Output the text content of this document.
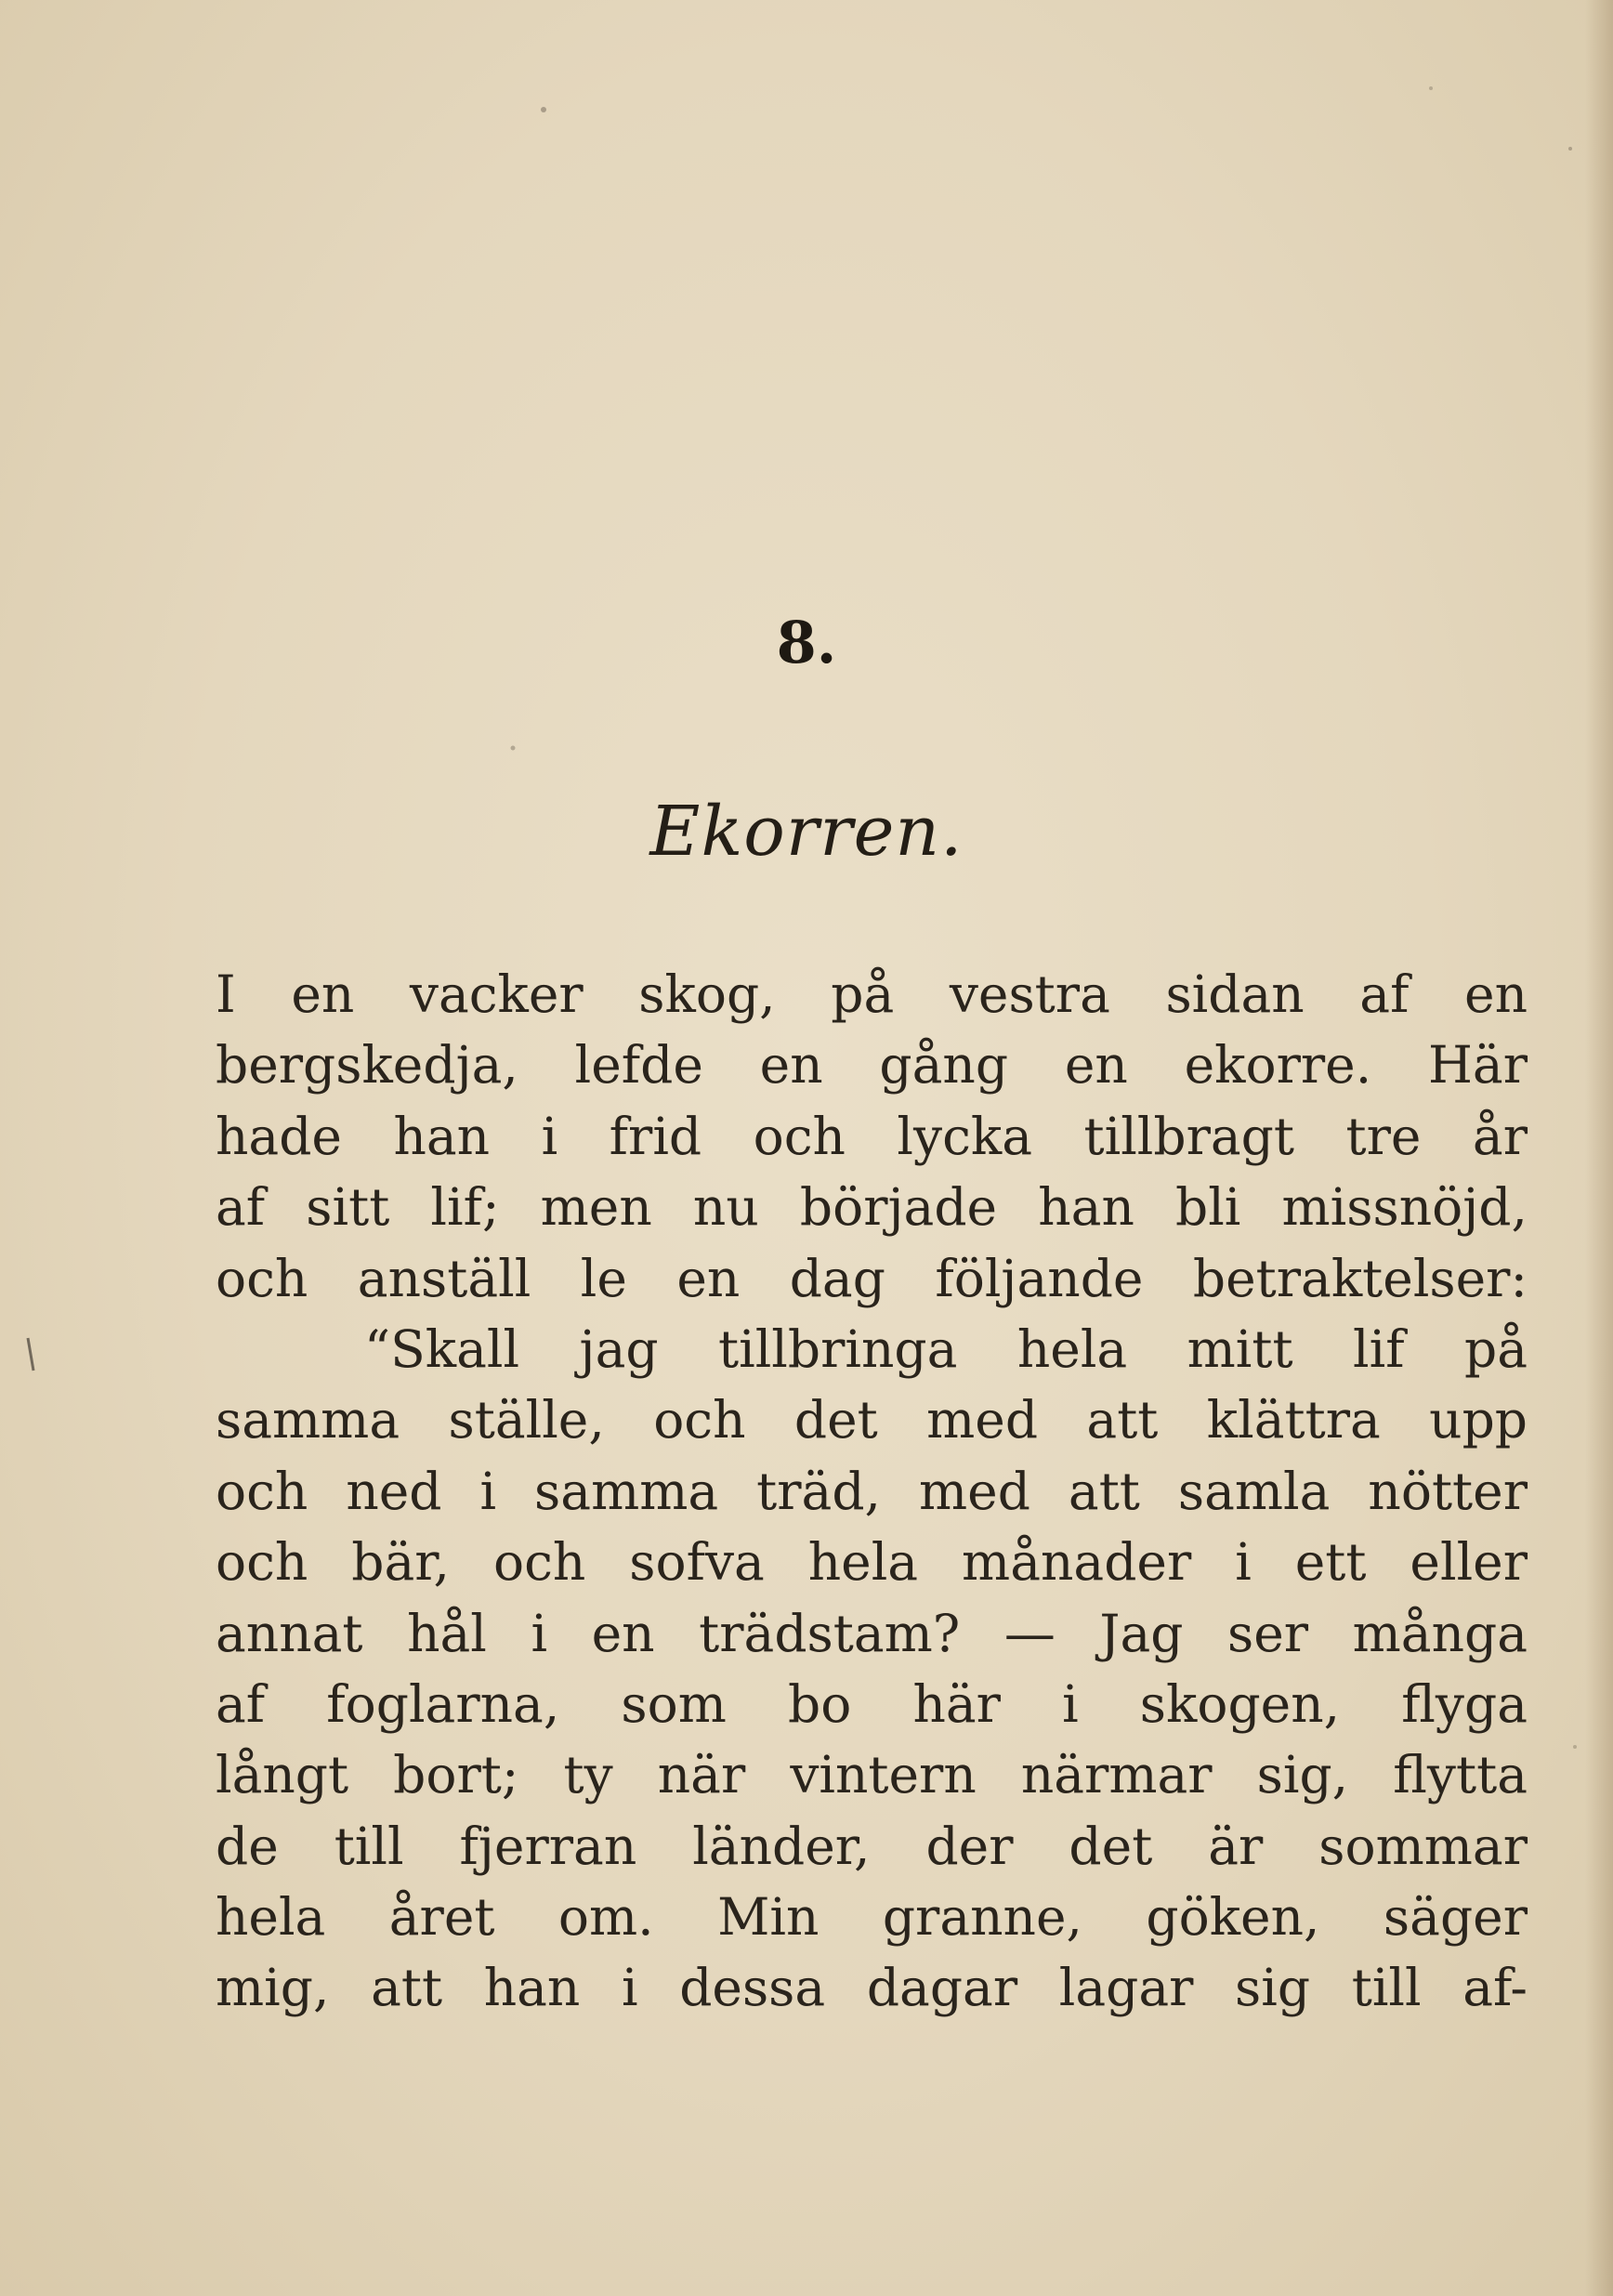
8.
Ekorren.
I en vacker skog, på vestra sidan af en
bergskedja, lefde en gång en ekorre. Här
hade han i frid och lycka tillbragt tre år
af sitt lif; men nu började han bli missnöjd,
och anställ le en dag följande betraktelser:
“Skall jag tillbringa hela mitt lif på
samma ställe, och det med att klättra upp
och ned i samma träd, med att samla nötter
och bär, och sofva hela månader i ett eller
annat hål i en trädstam? — Jag ser många
af foglarna, som bo här i skogen, flyga
långt bort; ty när vintern närmar sig, flytta
de till fjerran länder, der det är sommar
hela året om. Min granne, göken, säger
mig, att han i dessa dagar lagar sig till af-
